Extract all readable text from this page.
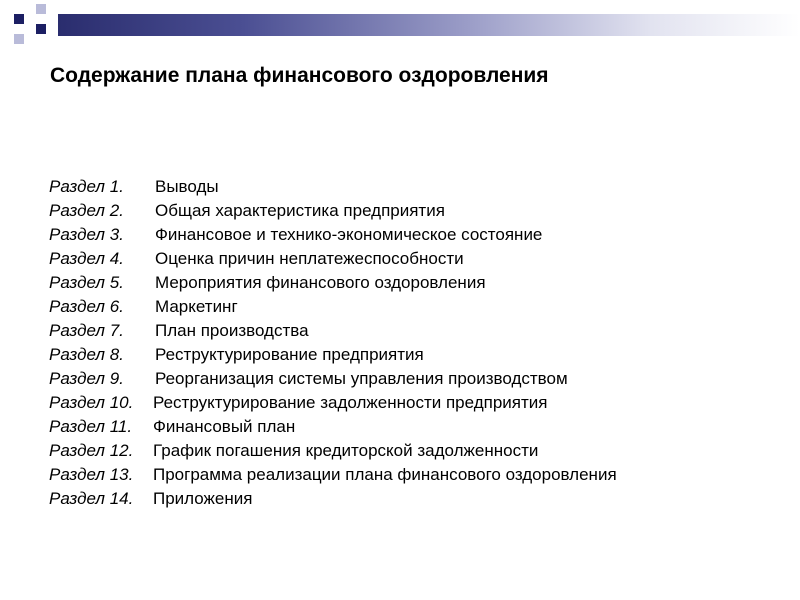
Содержание плана финансового оздоровления
Раздел 1.	Выводы
Раздел 2.	Общая характеристика предприятия
Раздел 3.	Финансовое и технико-экономическое состояние
Раздел 4.	Оценка причин неплатежеспособности
Раздел 5.	Мероприятия финансового оздоровления
Раздел 6.	Маркетинг
Раздел 7.	План производства
Раздел 8.	Реструктурирование предприятия
Раздел 9.	Реорганизация системы управления производством
Раздел 10.	Реструктурирование задолженности предприятия
Раздел 11.	Финансовый план
Раздел 12.	График погашения кредиторской задолженности
Раздел 13.	Программа реализации плана финансового оздоровления
Раздел 14.	Приложения
